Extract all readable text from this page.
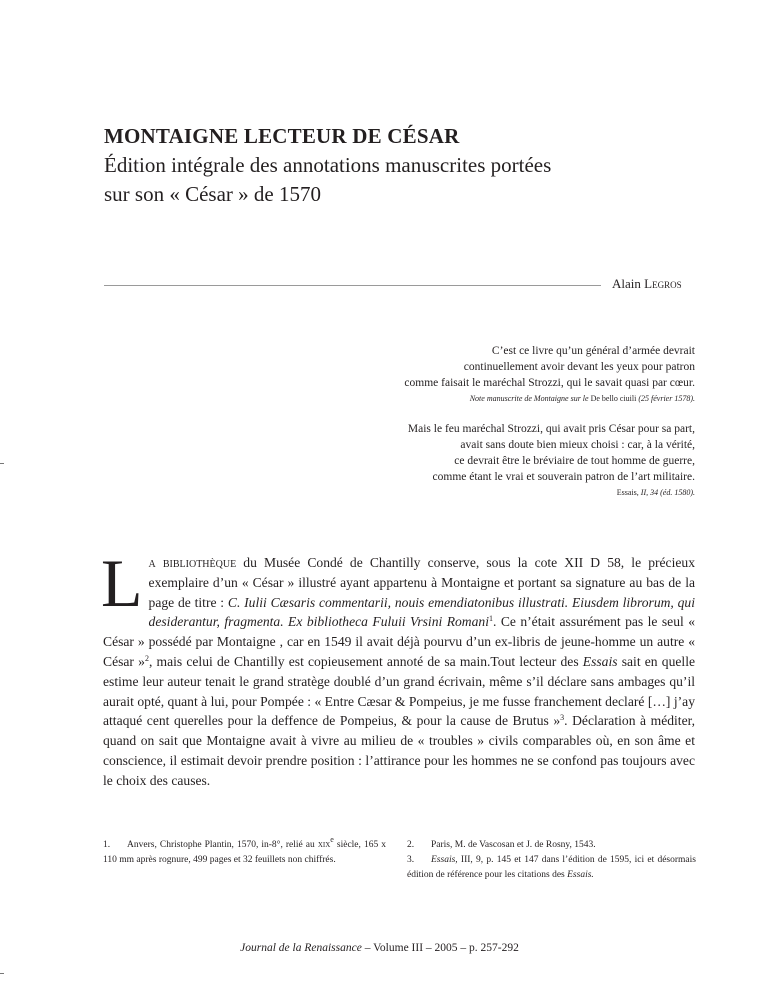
MONTAIGNE LECTEUR DE CÉSAR

Édition intégrale des annotations manuscrites portées sur son « César » de 1570

Alain Legros
C’est ce livre qu’un général d’armée devrait
continuellement avoir devant les yeux pour patron
comme faisait le maréchal Strozzi, qui le savait quasi par cœur.
Note manuscrite de Montaigne sur le De bello ciuili (25 février 1578).
Mais le feu maréchal Strozzi, qui avait pris César pour sa part,
avait sans doute bien mieux choisi : car, à la vérité,
ce devrait être le bréviaire de tout homme de guerre,
comme étant le vrai et souverain patron de l’art militaire.
Essais, II, 34 (éd. 1580).

La bibliothèque du Musée Condé de Chantilly conserve, sous la cote XII D 58, le précieux exemplaire d’un « César » illustré ayant appartenu à Montaigne et portant sa signature au bas de la page de titre : C. Iulii Cæsaris commentarii, nouis emendiatonibus illustrati. Eiusdem librorum, qui desiderantur, fragmenta. Ex bibliotheca Fuluii Vrsini Romani$^1$. Ce n’était assurément pas le seul « César » possédé par Montaigne , car en 1549 il avait déjà pourvu d’un ex-libris de jeune-homme un autre « César »$^2$, mais celui de Chantilly est copieusement annoté de sa main.Tout lecteur des Essais sait en quelle estime leur auteur tenait le grand stratège doublé d’un grand écrivain, même s’il déclare sans ambages qu’il aurait opté, quant à lui, pour Pompée : « Entre Cæsar & Pompeius, je me fusse franchement declaré […] j’ay attaqué cent querelles pour la deffence de Pompeius, & pour la cause de Brutus »$^3$. Déclaration à méditer, quand on sait que Montaigne avait à vivre au milieu de « troubles » civils comparables où, en son âme et conscience, il estimait devoir prendre position : l’attirance pour les hommes ne se confond pas toujours avec le choix des causes.

1. Anvers, Christophe Plantin, 1570, in-8°, relié au xix$^e$ siècle, 165 x 110 mm après rognure, 499 pages et 32 feuillets non chiffrés.
2. Paris, M. de Vascosan et J. de Rosny, 1543.
3. Essais, III, 9, p. 145 et 147 dans l’édition de 1595, ici et désormais édition de référence pour les citations des Essais.
Journal de la Renaissance – Volume III – 2005 – p. 257-292
